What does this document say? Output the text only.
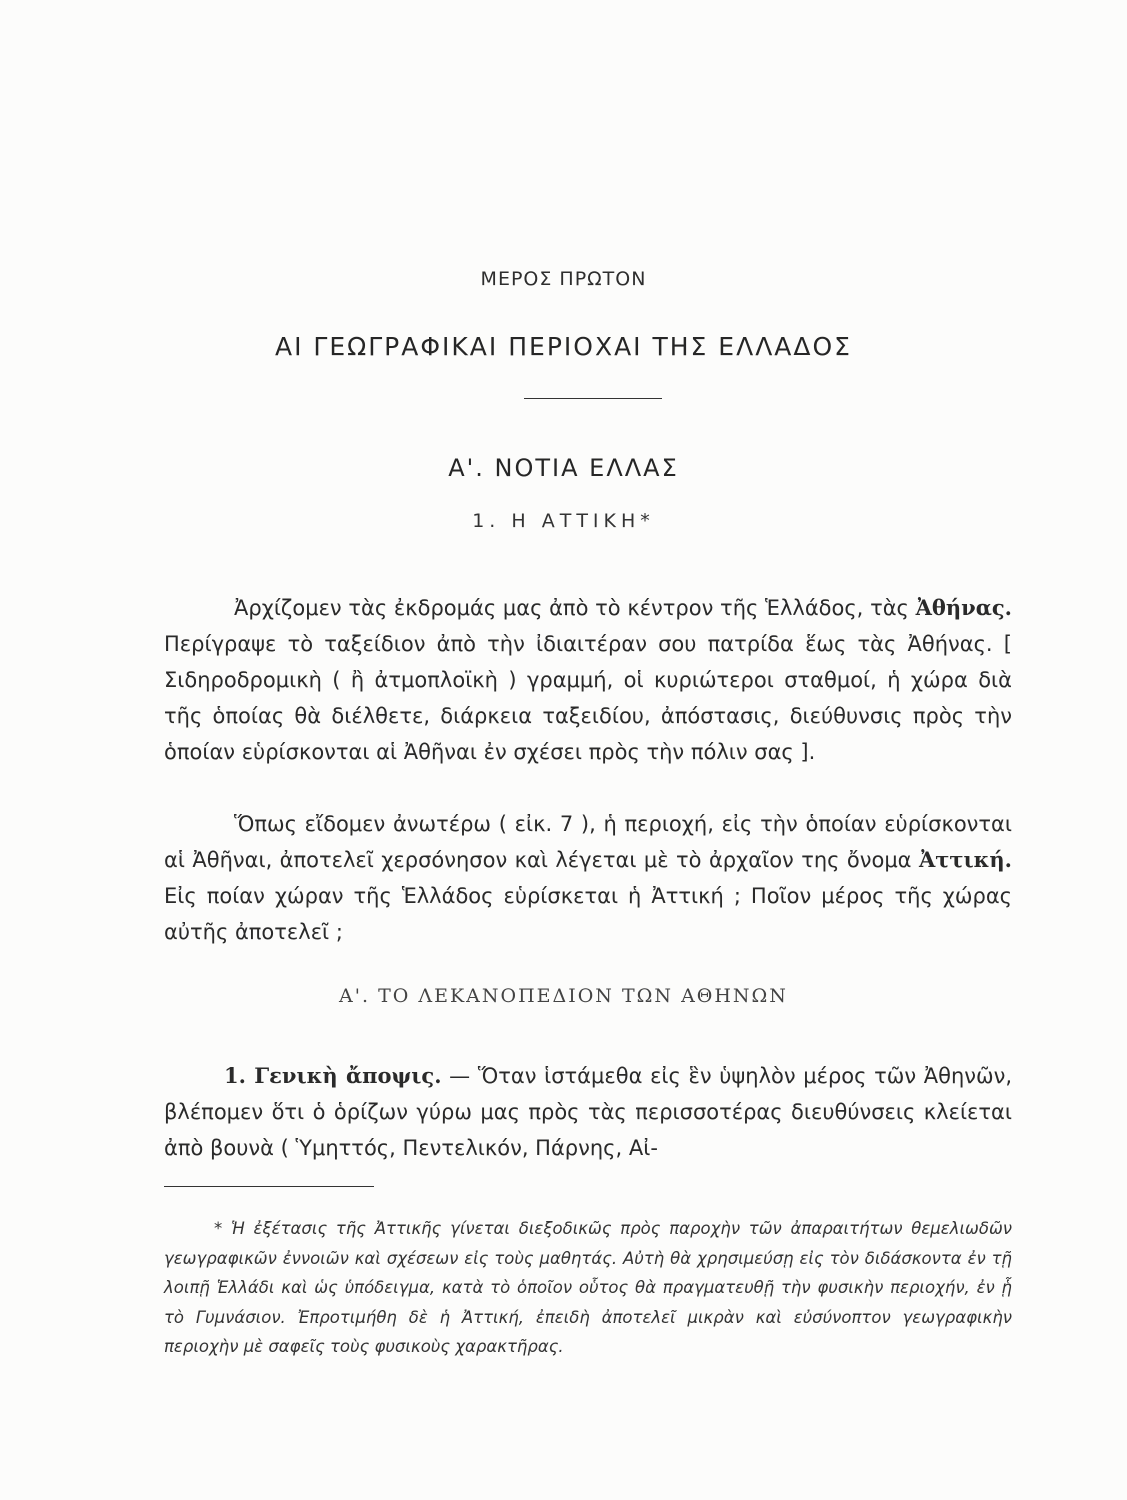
ΜΕΡΟΣ ΠΡΩΤΟΝ
ΑΙ ΓΕΩΓΡΑΦΙΚΑΙ ΠΕΡΙΟΧΑΙ ΤΗΣ ΕΛΛΑΔΟΣ
Α'. ΝΟΤΙΑ ΕΛΛΑΣ
1. Η ΑΤΤΙΚΗ*

Ἀρχίζομεν τὰς ἐκδρομάς μας ἀπὸ τὸ κέντρον τῆς Ἑλλάδος, τὰς Ἀθήνας. Περίγραψε τὸ ταξείδιον ἀπὸ τὴν ἰδιαιτέραν σου πατρίδα ἕως τὰς Ἀθήνας. [ Σιδηροδρομικὴ ( ἢ ἀτμοπλοϊκὴ ) γραμμή, οἱ κυριώτεροι σταθμοί, ἡ χώρα διὰ τῆς ὁποίας θὰ διέλθετε, διάρκεια ταξειδίου, ἀπόστασις, διεύθυνσις πρὸς τὴν ὁποίαν εὑρίσκονται αἱ Ἀθῆναι ἐν σχέσει πρὸς τὴν πόλιν σας ].

Ὅπως εἴδομεν ἀνωτέρω ( εἰκ. 7 ), ἡ περιοχή, εἰς τὴν ὁποίαν εὑρίσκονται αἱ Ἀθῆναι, ἀποτελεῖ χερσόνησον καὶ λέγεται μὲ τὸ ἀρχαῖον της ὄνομα Ἀττική. Εἰς ποίαν χώραν τῆς Ἑλλάδος εὑρίσκεται ἡ Ἀττική ; Ποῖον μέρος τῆς χώρας αὐτῆς ἀποτελεῖ ;

Α'. ΤΟ ΛΕΚΑΝΟΠΕΔΙΟΝ ΤΩΝ ΑΘΗΝΩΝ

1. Γενικὴ ἄποψις. — Ὅταν ἱστάμεθα εἰς ἓν ὑψηλὸν μέρος τῶν Ἀθηνῶν, βλέπομεν ὅτι ὁ ὁρίζων γύρω μας πρὸς τὰς περισσοτέρας διευθύνσεις κλείεται ἀπὸ βουνὰ ( Ὑμηττός, Πεντελικόν, Πάρνης, Αἰ-

* Ἡ ἐξέτασις τῆς Ἀττικῆς γίνεται διεξοδικῶς πρὸς παροχὴν τῶν ἀπαραιτήτων θεμελιωδῶν γεωγραφικῶν ἐννοιῶν καὶ σχέσεων εἰς τοὺς μαθητάς. Αὐτὴ θὰ χρησιμεύσῃ εἰς τὸν διδάσκοντα ἐν τῇ λοιπῇ Ἑλλάδι καὶ ὡς ὑπόδειγμα, κατὰ τὸ ὁποῖον οὗτος θὰ πραγματευθῇ τὴν φυσικὴν περιοχήν, ἐν ᾗ τὸ Γυμνάσιον. Ἐπροτιμήθη δὲ ἡ Ἀττική, ἐπειδὴ ἀποτελεῖ μικρὰν καὶ εὐσύνοπτον γεωγραφικὴν περιοχὴν μὲ σαφεῖς τοὺς φυσικοὺς χαρακτῆρας.
